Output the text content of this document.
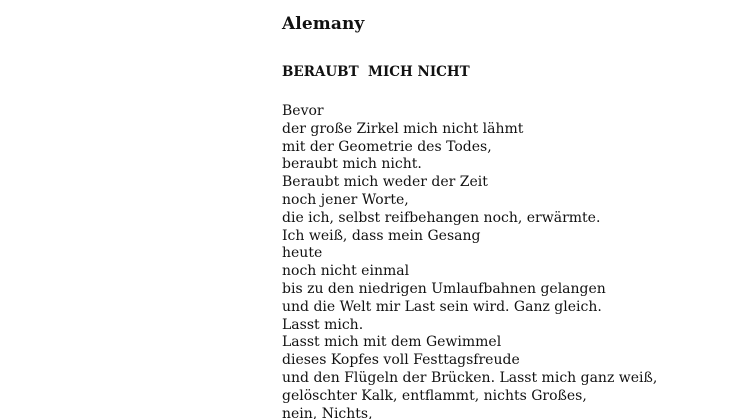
Alemany
BERAUBT  MICH NICHT
Bevor
der große Zirkel mich nicht lähmt
mit der Geometrie des Todes,
beraubt mich nicht.
Beraubt mich weder der Zeit
noch jener Worte,
die ich, selbst reifbehangen noch, erwärmte.
Ich weiß, dass mein Gesang
heute
noch nicht einmal
bis zu den niedrigen Umlaufbahnen gelangen
und die Welt mir Last sein wird. Ganz gleich.
Lasst mich.
Lasst mich mit dem Gewimmel
dieses Kopfes voll Festtagsfreude
und den Flügeln der Brücken. Lasst mich ganz weiß,
gelöschter Kalk, entflammt, nichts Großes,
nein, Nichts,
